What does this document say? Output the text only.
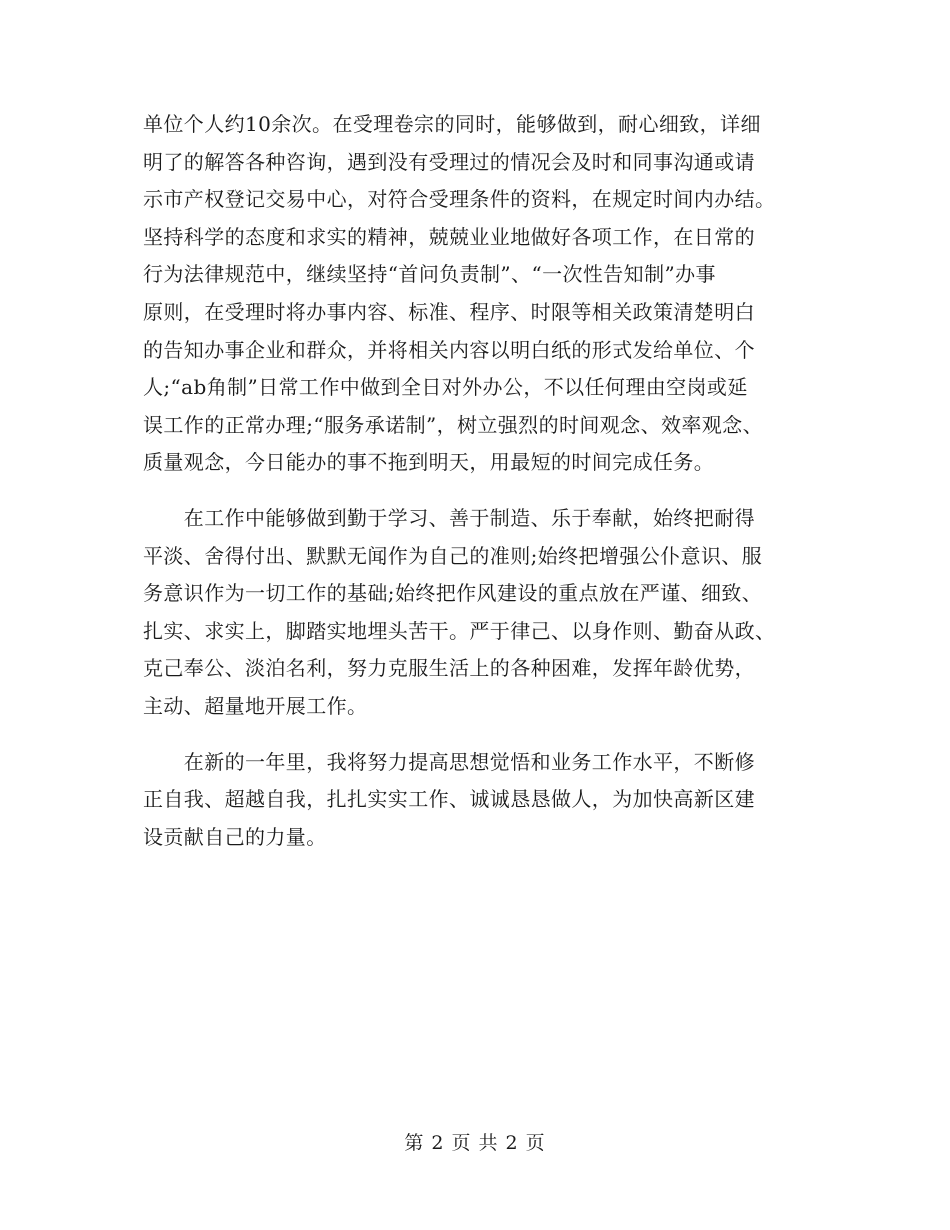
单位个人约10余次。在受理卷宗的同时，能够做到，耐心细致，详细
明了的解答各种咨询，遇到没有受理过的情况会及时和同事沟通或请
示市产权登记交易中心，对符合受理条件的资料，在规定时间内办结。
坚持科学的态度和求实的精神，兢兢业业地做好各项工作，在日常的
行为法律规范中，继续坚持“首问负责制”、“一次性告知制”办事
原则，在受理时将办事内容、标准、程序、时限等相关政策清楚明白
的告知办事企业和群众，并将相关内容以明白纸的形式发给单位、个
人;“ab角制”日常工作中做到全日对外办公，不以任何理由空岗或延
误工作的正常办理;“服务承诺制”，树立强烈的时间观念、效率观念、
质量观念，今日能办的事不拖到明天，用最短的时间完成任务。

　　在工作中能够做到勤于学习、善于制造、乐于奉献，始终把耐得
平淡、舍得付出、默默无闻作为自己的准则;始终把增强公仆意识、服
务意识作为一切工作的基础;始终把作风建设的重点放在严谨、细致、
扎实、求实上，脚踏实地埋头苦干。严于律己、以身作则、勤奋从政、
克己奉公、淡泊名利，努力克服生活上的各种困难，发挥年龄优势，
主动、超量地开展工作。

　　在新的一年里，我将努力提高思想觉悟和业务工作水平，不断修
正自我、超越自我，扎扎实实工作、诚诚恳恳做人，为加快高新区建
设贡献自己的力量。

第 2 页 共 2 页
